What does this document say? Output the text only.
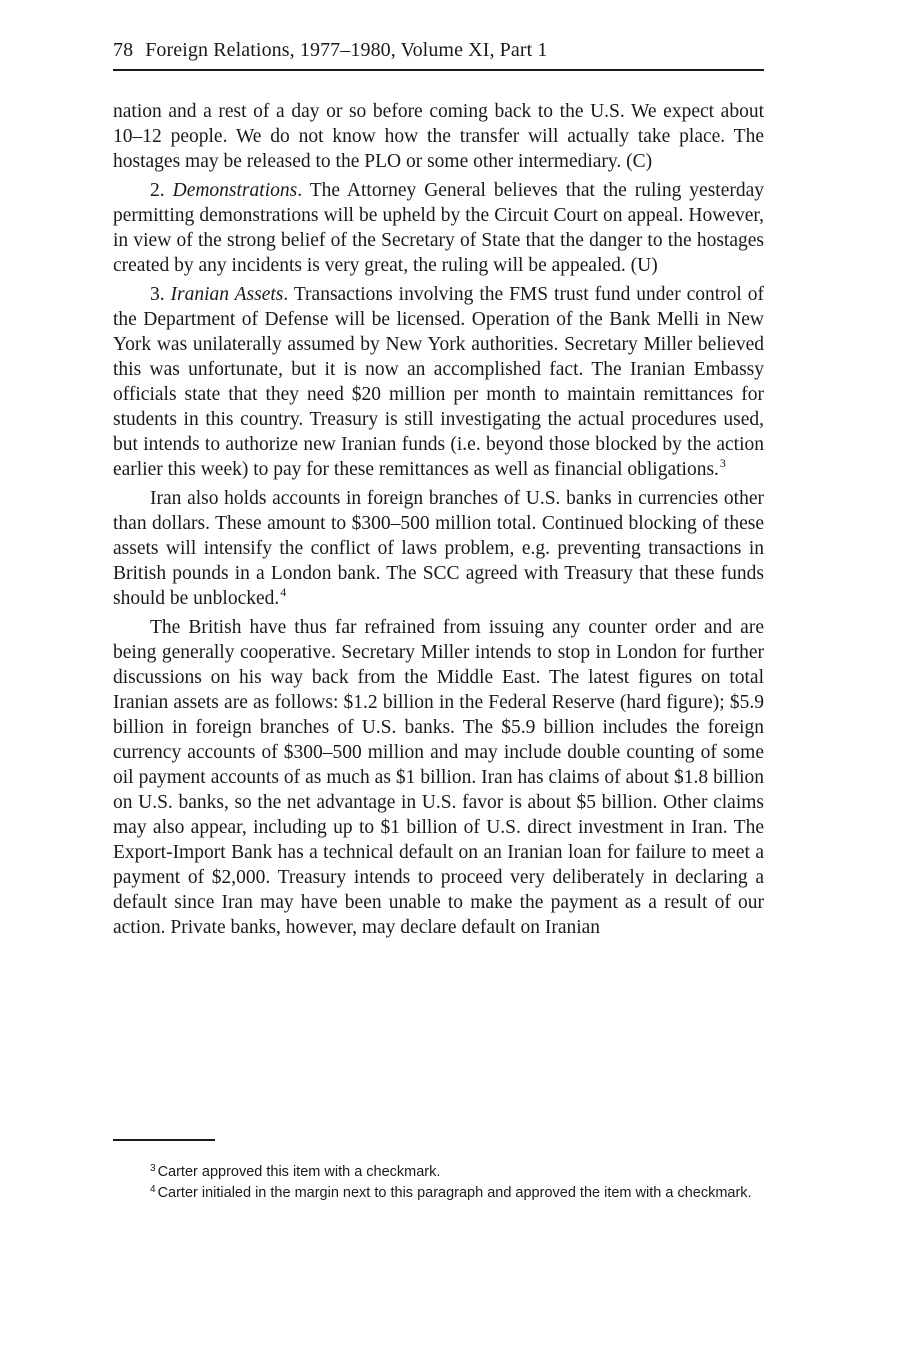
78 Foreign Relations, 1977–1980, Volume XI, Part 1

nation and a rest of a day or so before coming back to the U.S. We expect about 10–12 people. We do not know how the transfer will actually take place. The hostages may be released to the PLO or some other intermediary. (C)

2. Demonstrations. The Attorney General believes that the ruling yesterday permitting demonstrations will be upheld by the Circuit Court on appeal. However, in view of the strong belief of the Secretary of State that the danger to the hostages created by any incidents is very great, the ruling will be appealed. (U)

3. Iranian Assets. Transactions involving the FMS trust fund under control of the Department of Defense will be licensed. Operation of the Bank Melli in New York was unilaterally assumed by New York authorities. Secretary Miller believed this was unfortunate, but it is now an accomplished fact. The Iranian Embassy officials state that they need $20 million per month to maintain remittances for students in this country. Treasury is still investigating the actual procedures used, but intends to authorize new Iranian funds (i.e. beyond those blocked by the action earlier this week) to pay for these remittances as well as financial obligations.$^3$

Iran also holds accounts in foreign branches of U.S. banks in currencies other than dollars. These amount to $300–500 million total. Continued blocking of these assets will intensify the conflict of laws problem, e.g. preventing transactions in British pounds in a London bank. The SCC agreed with Treasury that these funds should be unblocked.$^4$

The British have thus far refrained from issuing any counter order and are being generally cooperative. Secretary Miller intends to stop in London for further discussions on his way back from the Middle East. The latest figures on total Iranian assets are as follows: $1.2 billion in the Federal Reserve (hard figure); $5.9 billion in foreign branches of U.S. banks. The $5.9 billion includes the foreign currency accounts of $300–500 million and may include double counting of some oil payment accounts of as much as $1 billion. Iran has claims of about $1.8 billion on U.S. banks, so the net advantage in U.S. favor is about $5 billion. Other claims may also appear, including up to $1 billion of U.S. direct investment in Iran. The Export-Import Bank has a technical default on an Iranian loan for failure to meet a payment of $2,000. Treasury intends to proceed very deliberately in declaring a default since Iran may have been unable to make the payment as a result of our action. Private banks, however, may declare default on Iranian

$^3$ Carter approved this item with a checkmark.

$^4$ Carter initialed in the margin next to this paragraph and approved the item with a checkmark.
